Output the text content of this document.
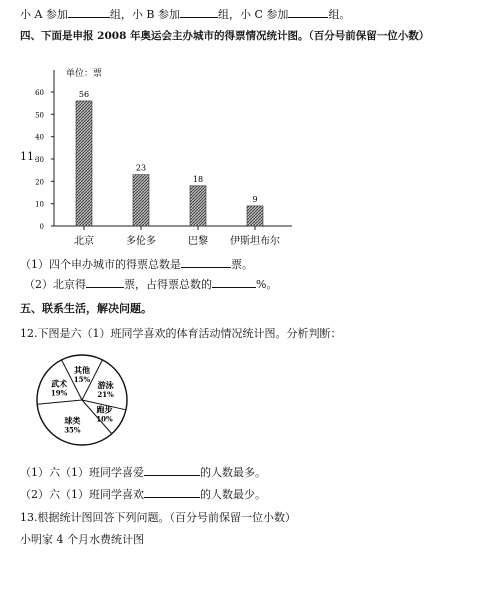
小 A 参加	组，小 B 参加	组，小 C 参加	组。
四、下面是申报 2008 年奥运会主办城市的得票情况统计图。（百分号前保留一位小数）
11.
0
10
20
30
40
50
60
单位：票
56
北京
23
多伦多
18
巴黎
9
伊斯坦布尔
（1）四个申办城市的得票总数是	票。
（2）北京得	票，占得票总数的	%。
五、联系生活，解决问题。
12.下图是六（1）班同学喜欢的体育活动情况统计图。分析判断：
其他
15%
游泳
21%
跑步
10%
球类
35%
武术
19%
（1）六（1）班同学喜爱	的人数最多。
（2）六（1）班同学喜欢	的人数最少。
13.根据统计图回答下列问题。（百分号前保留一位小数）
小明家 4 个月水费统计图
